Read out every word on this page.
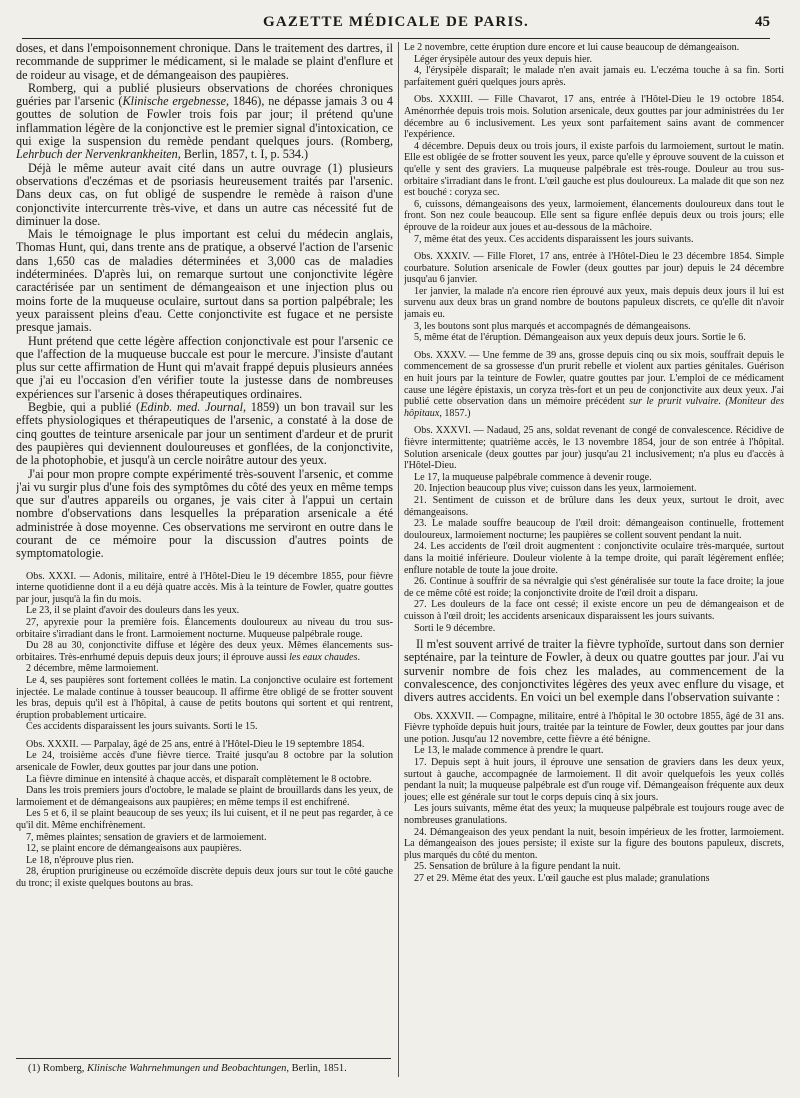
GAZETTE MÉDICALE DE PARIS.	45

doses, et dans l'empoisonnement chronique. Dans le traitement des dartres, il recommande de supprimer le médicament, si le malade se plaint d'enflure et de roideur au visage, et de démangeaison des paupières.

Romberg, qui a publié plusieurs observations de chorées chroniques guéries par l'arsenic (Klinische ergebnesse, 1846), ne dépasse jamais 3 ou 4 gouttes de solution de Fowler trois fois par jour; il prétend qu'une inflammation légère de la conjonctive est le premier signal d'intoxication, ce qui exige la suspension du remède pendant quelques jours. (Romberg, Lehrbuch der Nervenkrankheiten, Berlin, 1857, t. I, p. 534.)

Déjà le même auteur avait cité dans un autre ouvrage (1) plusieurs observations d'eczémas et de psoriasis heureusement traités par l'arsenic. Dans deux cas, on fut obligé de suspendre le remède à raison d'une conjonctivite intercurrente très-vive, et dans un autre cas nécessité fut de diminuer la dose.

Mais le témoignage le plus important est celui du médecin anglais, Thomas Hunt, qui, dans trente ans de pratique, a observé l'action de l'arsenic dans 1,650 cas de maladies déterminées et 3,000 cas de maladies indéterminées. D'après lui, on remarque surtout une conjonctivite légère caractérisée par un sentiment de démangeaison et une injection plus ou moins forte de la muqueuse oculaire, surtout dans sa portion palpébrale; les yeux paraissent pleins d'eau. Cette conjonctivite est fugace et ne persiste presque jamais.

Hunt prétend que cette légère affection conjonctivale est pour l'arsenic ce que l'affection de la muqueuse buccale est pour le mercure. J'insiste d'autant plus sur cette affirmation de Hunt qui m'avait frappé depuis plusieurs années que j'ai eu l'occasion d'en vérifier toute la justesse dans de nombreuses expériences sur l'arsenic à doses thérapeutiques ordinaires.

Begbie, qui a publié (Edinb. med. Journal, 1859) un bon travail sur les effets physiologiques et thérapeutiques de l'arsenic, a constaté à la dose de cinq gouttes de teinture arsenicale par jour un sentiment d'ardeur et de prurit des paupières qui deviennent douloureuses et gonflées, de la conjonctivite, de la photophobie, et jusqu'à un cercle noirâtre autour des yeux.

J'ai pour mon propre compte expérimenté très-souvent l'arsenic, et comme j'ai vu surgir plus d'une fois des symptômes du côté des yeux en même temps que sur d'autres appareils ou organes, je vais citer à l'appui un certain nombre d'observations dans lesquelles la préparation arsenicale a été administrée à dose moyenne. Ces observations me serviront en outre dans le courant de ce mémoire pour la discussion d'autres points de symptomatologie.

Obs. XXXI. — Adonis, militaire, entré à l'Hôtel-Dieu le 19 décembre 1855, pour fièvre interne quotidienne dont il a eu déjà quatre accès. Mis à la teinture de Fowler, quatre gouttes par jour, jusqu'à la fin du mois.

Le 23, il se plaint d'avoir des douleurs dans les yeux.

27, apyrexie pour la première fois. Élancements douloureux au niveau du trou sus-orbitaire s'irradiant dans le front. Larmoiement nocturne. Muqueuse palpébrale rouge.

Du 28 au 30, conjonctivite diffuse et légère des deux yeux. Mêmes élancements sus-orbitaires. Très-enrhumé depuis depuis deux jours; il éprouve aussi les eaux chaudes.

2 décembre, même larmoiement.

Le 4, ses paupières sont fortement collées le matin. La conjonctive oculaire est fortement injectée. Le malade continue à tousser beaucoup. Il affirme être obligé de se frotter souvent les bras, depuis qu'il est à l'hôpital, à cause de petits boutons qui sortent et qui rentrent, éruption probablement urticaire.

Ces accidents disparaissent les jours suivants. Sorti le 15.

Obs. XXXII. — Parpalay, âgé de 25 ans, entré à l'Hôtel-Dieu le 19 septembre 1854.

Le 24, troisième accès d'une fièvre tierce. Traité jusqu'au 8 octobre par la solution arsenicale de Fowler, deux gouttes par jour dans une potion.

La fièvre diminue en intensité à chaque accès, et disparaît complètement le 8 octobre.

Dans les trois premiers jours d'octobre, le malade se plaint de brouillards dans les yeux, de larmoiement et de démangeaisons aux paupières; en même temps il est enchifrené.

Les 5 et 6, il se plaint beaucoup de ses yeux; ils lui cuisent, et il ne peut pas regarder, à ce qu'il dit. Même enchifrènement.

7, mêmes plaintes; sensation de graviers et de larmoiement.

12, se plaint encore de démangeaisons aux paupières.

Le 18, n'éprouve plus rien.

28, éruption prurigineuse ou eczémoïde discrète depuis deux jours sur tout le côté gauche du tronc; il existe quelques boutons au bras.

(1) Romberg, Klinische Wahrnehmungen und Beobachtungen, Berlin, 1851.

Le 2 novembre, cette éruption dure encore et lui cause beaucoup de démangeaison.

Léger érysipèle autour des yeux depuis hier.

4, l'érysipèle disparaît; le malade n'en avait jamais eu. L'eczéma touche à sa fin. Sorti parfaitement guéri quelques jours après.

Obs. XXXIII. — Fille Chavarot, 17 ans, entrée à l'Hôtel-Dieu le 19 octobre 1854. Aménorrhée depuis trois mois. Solution arsenicale, deux gouttes par jour administrées du 1er décembre au 6 inclusivement. Les yeux sont parfaitement sains avant de commencer l'expérience.

4 décembre. Depuis deux ou trois jours, il existe parfois du larmoiement, surtout le matin. Elle est obligée de se frotter souvent les yeux, parce qu'elle y éprouve souvent de la cuisson et qu'elle y sent des graviers. La muqueuse palpébrale est très-rouge. Douleur au trou sus-orbitaire s'irradiant dans le front. L'œil gauche est plus douloureux. La malade dit que son nez est bouché : coryza sec.

6, cuissons, démangeaisons des yeux, larmoiement, élancements douloureux dans tout le front. Son nez coule beaucoup. Elle sent sa figure enflée depuis deux ou trois jours; elle éprouve de la roideur aux joues et au-dessous de la mâchoire.

7, même état des yeux. Ces accidents disparaissent les jours suivants.

Obs. XXXIV. — Fille Floret, 17 ans, entrée à l'Hôtel-Dieu le 23 décembre 1854. Simple courbature. Solution arsenicale de Fowler (deux gouttes par jour) depuis le 24 décembre jusqu'au 6 janvier.

1er janvier, la malade n'a encore rien éprouvé aux yeux, mais depuis deux jours il lui est survenu aux deux bras un grand nombre de boutons papuleux discrets, ce qu'elle dit n'avoir jamais eu.

3, les boutons sont plus marqués et accompagnés de démangeaisons.

5, même état de l'éruption. Démangeaison aux yeux depuis deux jours. Sortie le 6.

Obs. XXXV. — Une femme de 39 ans, grosse depuis cinq ou six mois, souffrait depuis le commencement de sa grossesse d'un prurit rebelle et violent aux parties génitales. Guérison en huit jours par la teinture de Fowler, quatre gouttes par jour. L'emploi de ce médicament cause une légère épistaxis, un coryza très-fort et un peu de conjonctivite aux deux yeux. J'ai publié cette observation dans un mémoire précédent sur le prurit vulvaire. (Moniteur des hôpitaux, 1857.)

Obs. XXXVI. — Nadaud, 25 ans, soldat revenant de congé de convalescence. Récidive de fièvre intermittente; quatrième accès, le 13 novembre 1854, jour de son entrée à l'hôpital. Solution arsenicale (deux gouttes par jour) jusqu'au 21 inclusivement; n'a plus eu d'accès à l'Hôtel-Dieu.

Le 17, la muqueuse palpébrale commence à devenir rouge.

20. Injection beaucoup plus vive; cuisson dans les yeux, larmoiement.

21. Sentiment de cuisson et de brûlure dans les deux yeux, surtout le droit, avec démangeaisons.

23. Le malade souffre beaucoup de l'œil droit: démangeaison continuelle, frottement douloureux, larmoiement nocturne; les paupières se collent souvent pendant la nuit.

24. Les accidents de l'œil droit augmentent : conjonctivite oculaire très-marquée, surtout dans la moitié inférieure. Douleur violente à la tempe droite, qui paraît légèrement enflée; enflure notable de toute la joue droite.

26. Continue à souffrir de sa névralgie qui s'est généralisée sur toute la face droite; la joue de ce même côté est roide; la conjonctivite droite de l'œil droit a disparu.

27. Les douleurs de la face ont cessé; il existe encore un peu de démangeaison et de cuisson à l'œil droit; les accidents arsenicaux disparaissent les jours suivants.

Sorti le 9 décembre.

Il m'est souvent arrivé de traiter la fièvre typhoïde, surtout dans son dernier septénaire, par la teinture de Fowler, à deux ou quatre gouttes par jour. J'ai vu survenir nombre de fois chez les malades, au commencement de la convalescence, des conjonctivites légères des yeux avec enflure du visage, et divers autres accidents. En voici un bel exemple dans l'observation suivante :

Obs. XXXVII. — Compagne, militaire, entré à l'hôpital le 30 octobre 1855, âgé de 31 ans. Fièvre typhoïde depuis huit jours, traitée par la teinture de Fowler, deux gouttes par jour dans une potion. Jusqu'au 12 novembre, cette fièvre a été bénigne.

Le 13, le malade commence à prendre le quart.

17. Depuis sept à huit jours, il éprouve une sensation de graviers dans les deux yeux, surtout à gauche, accompagnée de larmoiement. Il dit avoir quelquefois les yeux collés pendant la nuit; la muqueuse palpébrale est d'un rouge vif. Démangeaison fréquente aux deux joues; elle est générale sur tout le corps depuis cinq à six jours.

Les jours suivants, même état des yeux; la muqueuse palpébrale est toujours rouge avec de nombreuses granulations.

24. Démangeaison des yeux pendant la nuit, besoin impérieux de les frotter, larmoiement. La démangeaison des joues persiste; il existe sur la figure des boutons papuleux, discrets, plus marqués du côté du menton.

25. Sensation de brûlure à la figure pendant la nuit.

27 et 29. Même état des yeux. L'œil gauche est plus malade; granulations
